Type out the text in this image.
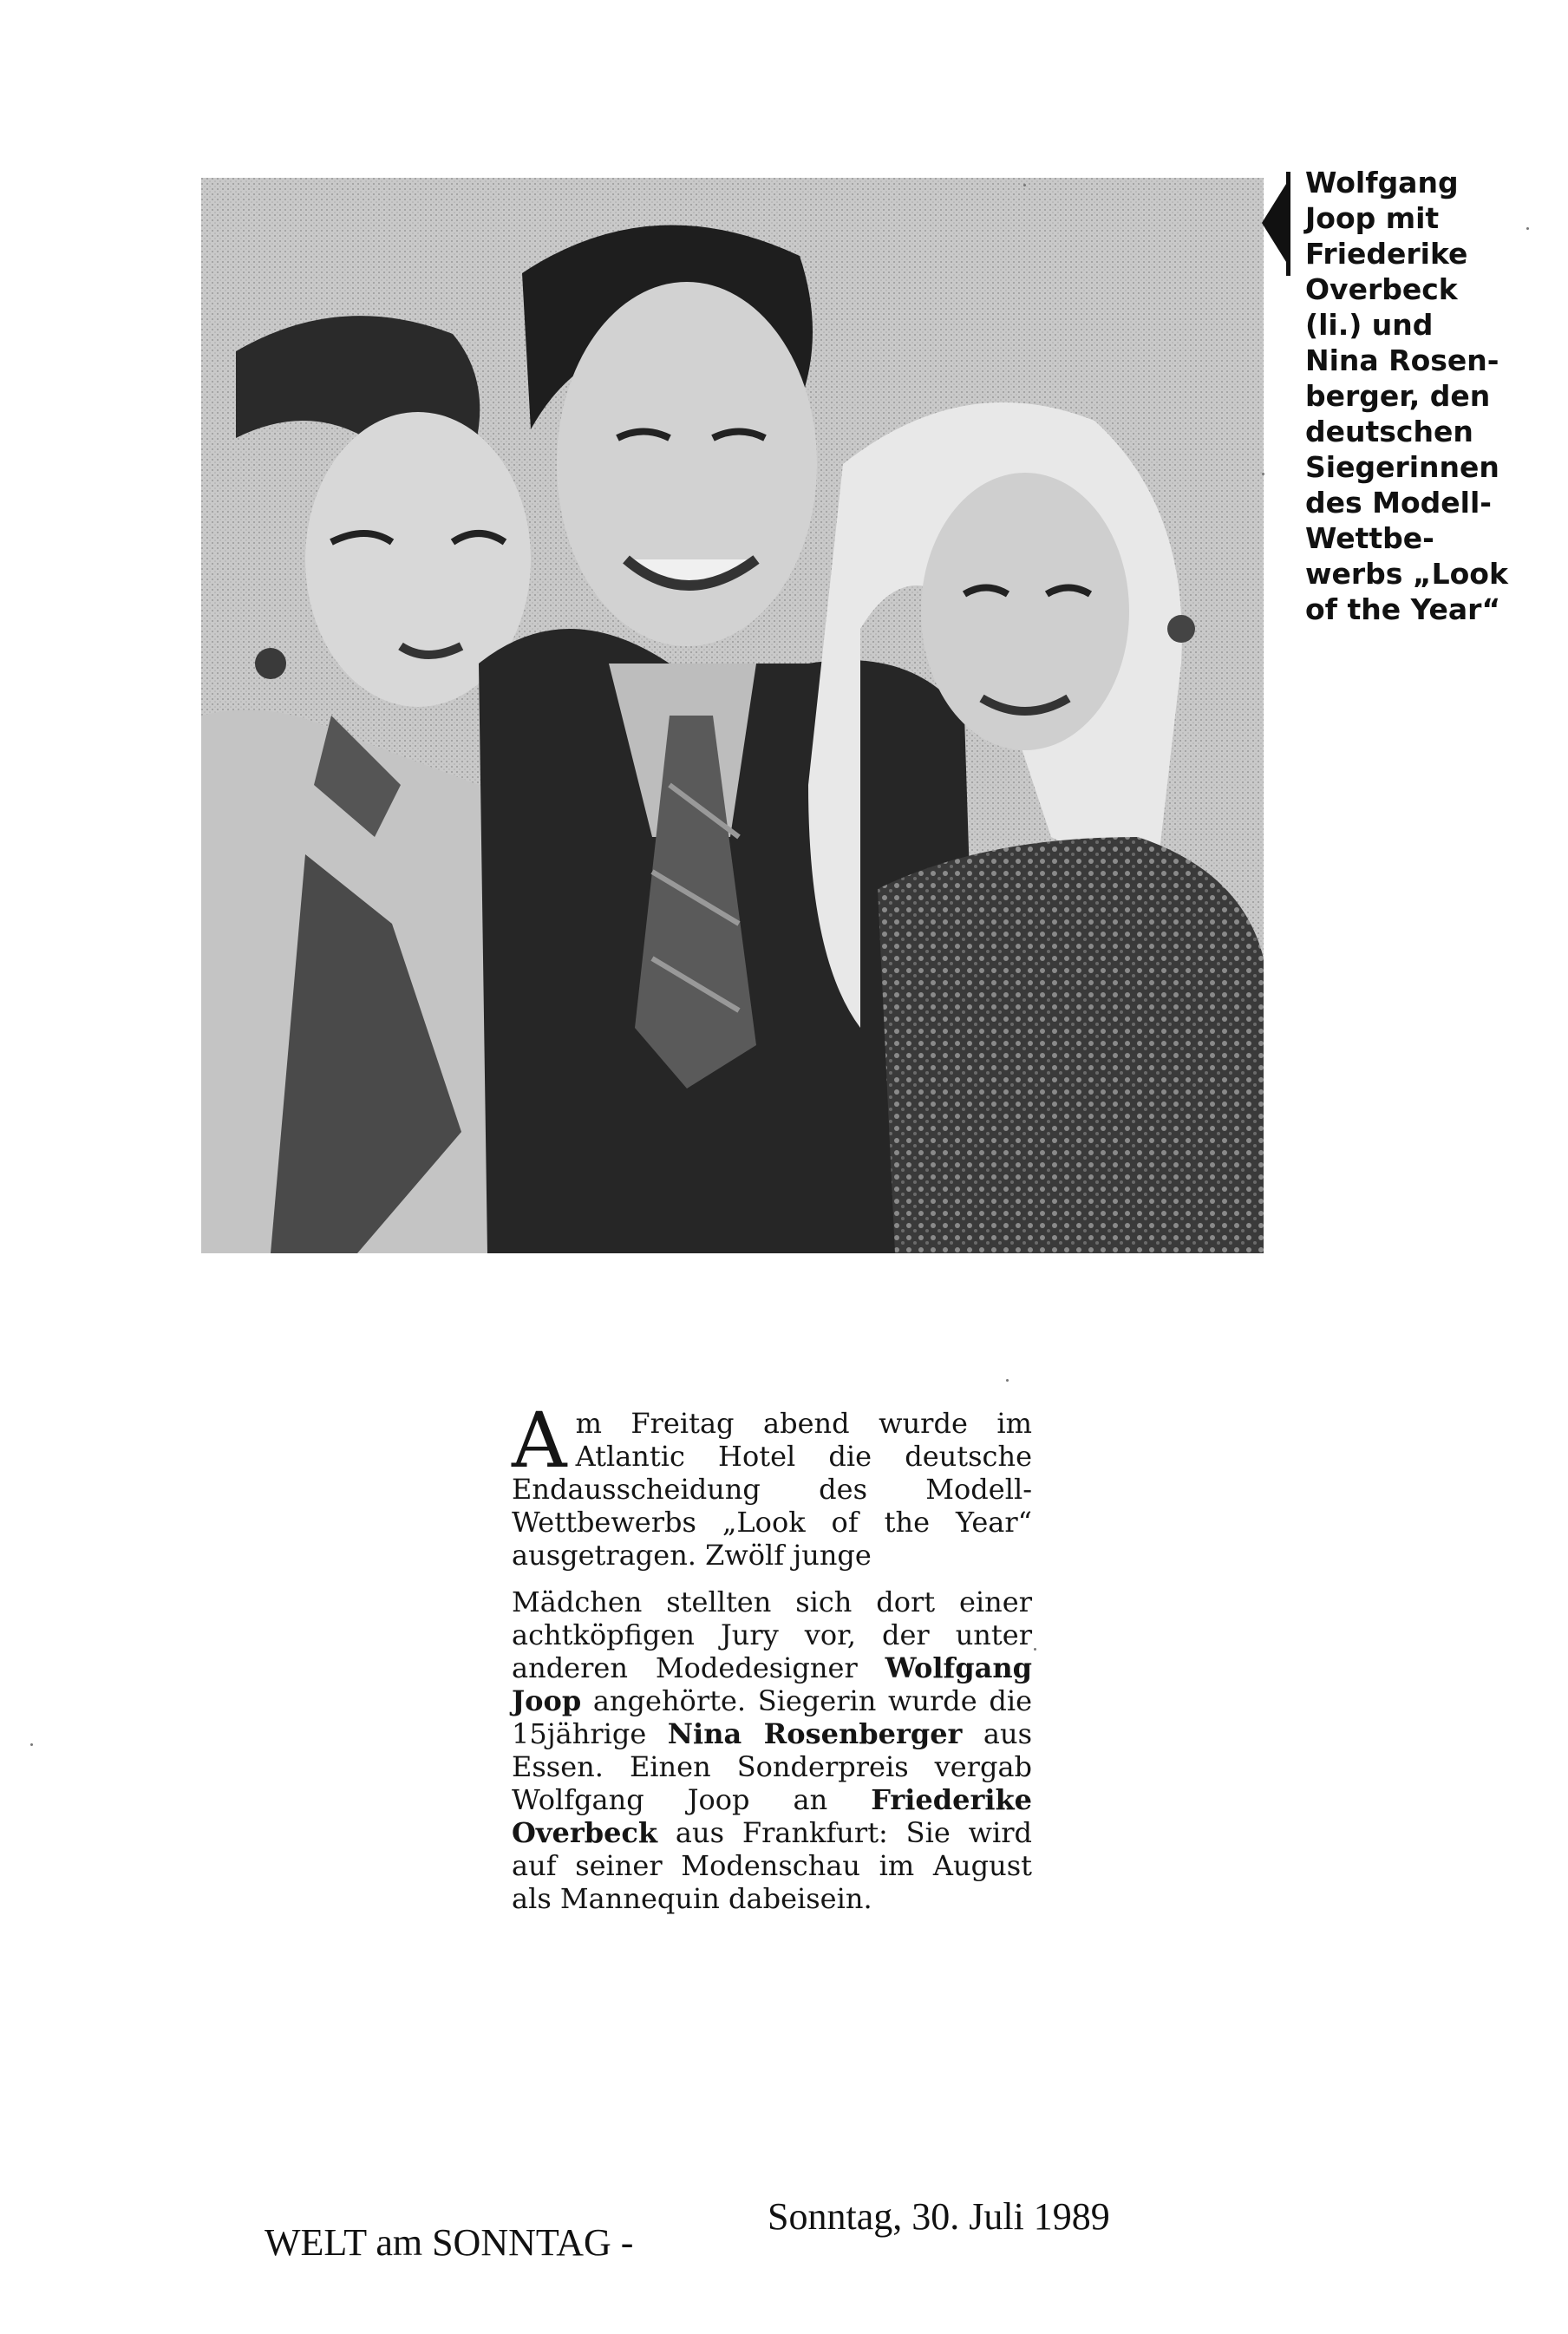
Wolfgang
Joop mit
Friederike
Overbeck
(li.) und
Nina Rosen-
berger, den
deutschen
Siegerinnen
des Modell-
Wettbe-
werbs „Look
of the Year“

Am Freitag abend wurde im Atlantic Hotel die deutsche Endausscheidung des Modell-Wettbewerbs „Look of the Year“ ausgetragen. Zwölf junge

Mädchen stellten sich dort einer achtköpfigen Jury vor, der unter anderen Modedesigner Wolfgang Joop angehörte. Siegerin wurde die 15jährige Nina Rosenberger aus Essen. Einen Sonderpreis vergab Wolfgang Joop an Friederike Overbeck aus Frankfurt: Sie wird auf seiner Modenschau im August als Mannequin dabeisein.

WELT am SONNTAG -
Sonntag, 30. Juli 1989
